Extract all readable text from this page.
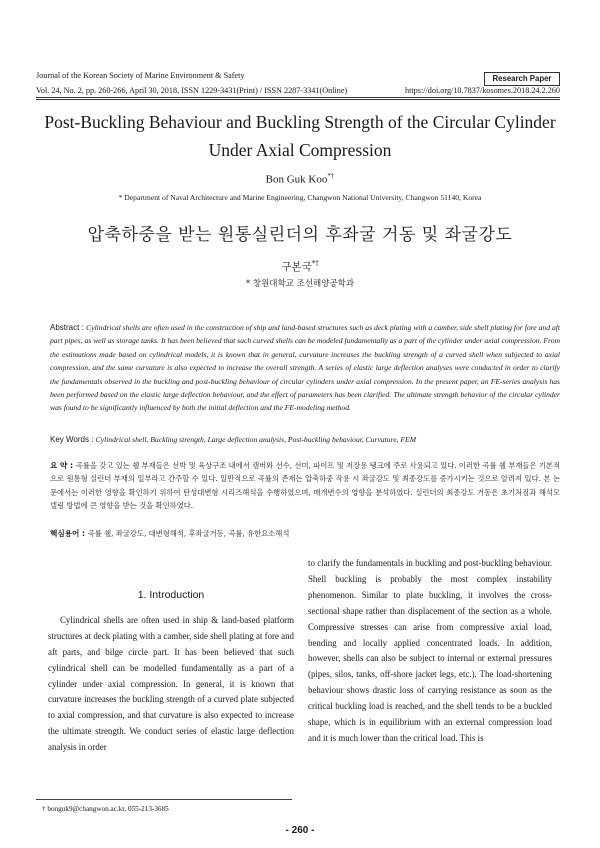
Journal of the Korean Society of Marine Environment & Safety	Research Paper
Vol. 24, No. 2, pp. 260-266, April 30, 2018, ISSN 1229-3431(Print) / ISSN 2287-3341(Online)	https://doi.org/10.7837/kosomes.2018.24.2.260
Post-Buckling Behaviour and Buckling Strength of the Circular Cylinder Under Axial Compression
Bon Guk Koo*†
* Department of Naval Architecture and Marine Engineering, Changwon National University, Changwon 51140, Korea
압축하중을 받는 원통실린더의 후좌굴 거동 및 좌굴강도
구본국*†
* 창원대학교 조선해양공학과
Abstract : Cylindrical shells are often used in the construction of ship and land-based structures such as deck plating with a camber, side shell plating for fore and aft part pipes, as well as storage tanks. It has been believed that such curved shells can be modeled fundamentally as a part of the cylinder under axial compression. From the estimations made based on cylindrical models, it is known that in general, curvature increases the buckling strength of a curved shell when subjected to axial compression, and the same curvature is also expected to increase the overall strength. A series of elastic large deflection analyses were conducted in order to clarify the fundamentals observed in the buckling and post-buckling behaviour of circular cylinders under axial compression. In the present paper, an FE-series analysis has been performed based on the elastic large deflection behaviour, and the effect of parameters has been clarified. The ultimate strength behavior of the circular cylinder was found to be significantly influenced by both the initial deflection and the FE-modeling method.
Key Words : Cylindrical shell, Buckling strength, Large deflection analysis, Post-buckling behaviour, Curvature, FEM
요 약 : 곡률을 갖고 있는 쉘 부재들은 선박 및 육상구조 내에서 캠버와 선수, 선미, 파이프 및 저장용 탱크에 주로 사용되고 있다. 이러한 곡률 쉘 부재들은 기본적으로 원통형 실린더 부재의 일부라고 간주할 수 있다. 일반적으로 곡률의 존재는 압축하중 작용 시 좌굴강도 및 최종강도를 증가시키는 것으로 알려져 있다. 본 논문에서는 이러한 영향을 확인하기 위하여 탄성대변형 시리즈해석을 수행하였으며, 매개변수의 영향을 분석하였다. 실린더의 최종강도 거동은 초기처짐과 해석모델링 방법에 큰 영향을 받는 것을 확인하였다.
핵심용어 : 곡률 쉘, 좌굴강도, 대변형해석, 후좌굴거동, 곡률, 유한요소해석
1. Introduction

Cylindrical shells are often used in ship & land-based platform structures at deck plating with a camber, side shell plating at fore and aft parts, and bilge circle part. It has been believed that such cylindrical shell can be modelled fundamentally as a part of a cylinder under axial compression. In general, it is known that curvature increases the buckling strength of a curved plate subjected to axial compression, and that curvature is also expected to increase the ultimate strength. We conduct series of elastic large deflection analysis in order

to clarify the fundamentals in buckling and post-buckling behaviour. Shell buckling is probably the most complex instability phenomenon. Similar to plate buckling, it involves the cross-sectional shape rather than displacement of the section as a whole. Compressive stresses can arise from compressive axial load, bending and locally applied concentrated loads. In addition, however, shells can also be subject to internal or external pressures (pipes, silos, tanks, off-shore jacket legs, etc.). The load-shortening behaviour shows drastic loss of carrying resistance as soon as the critical buckling load is reached, and the shell tends to be a buckled shape, which is in equilibrium with an external compression load and it is much lower than the critical load. This is

† bonguk9@changwon.ac.kr, 055-213-3685
- 260 -
